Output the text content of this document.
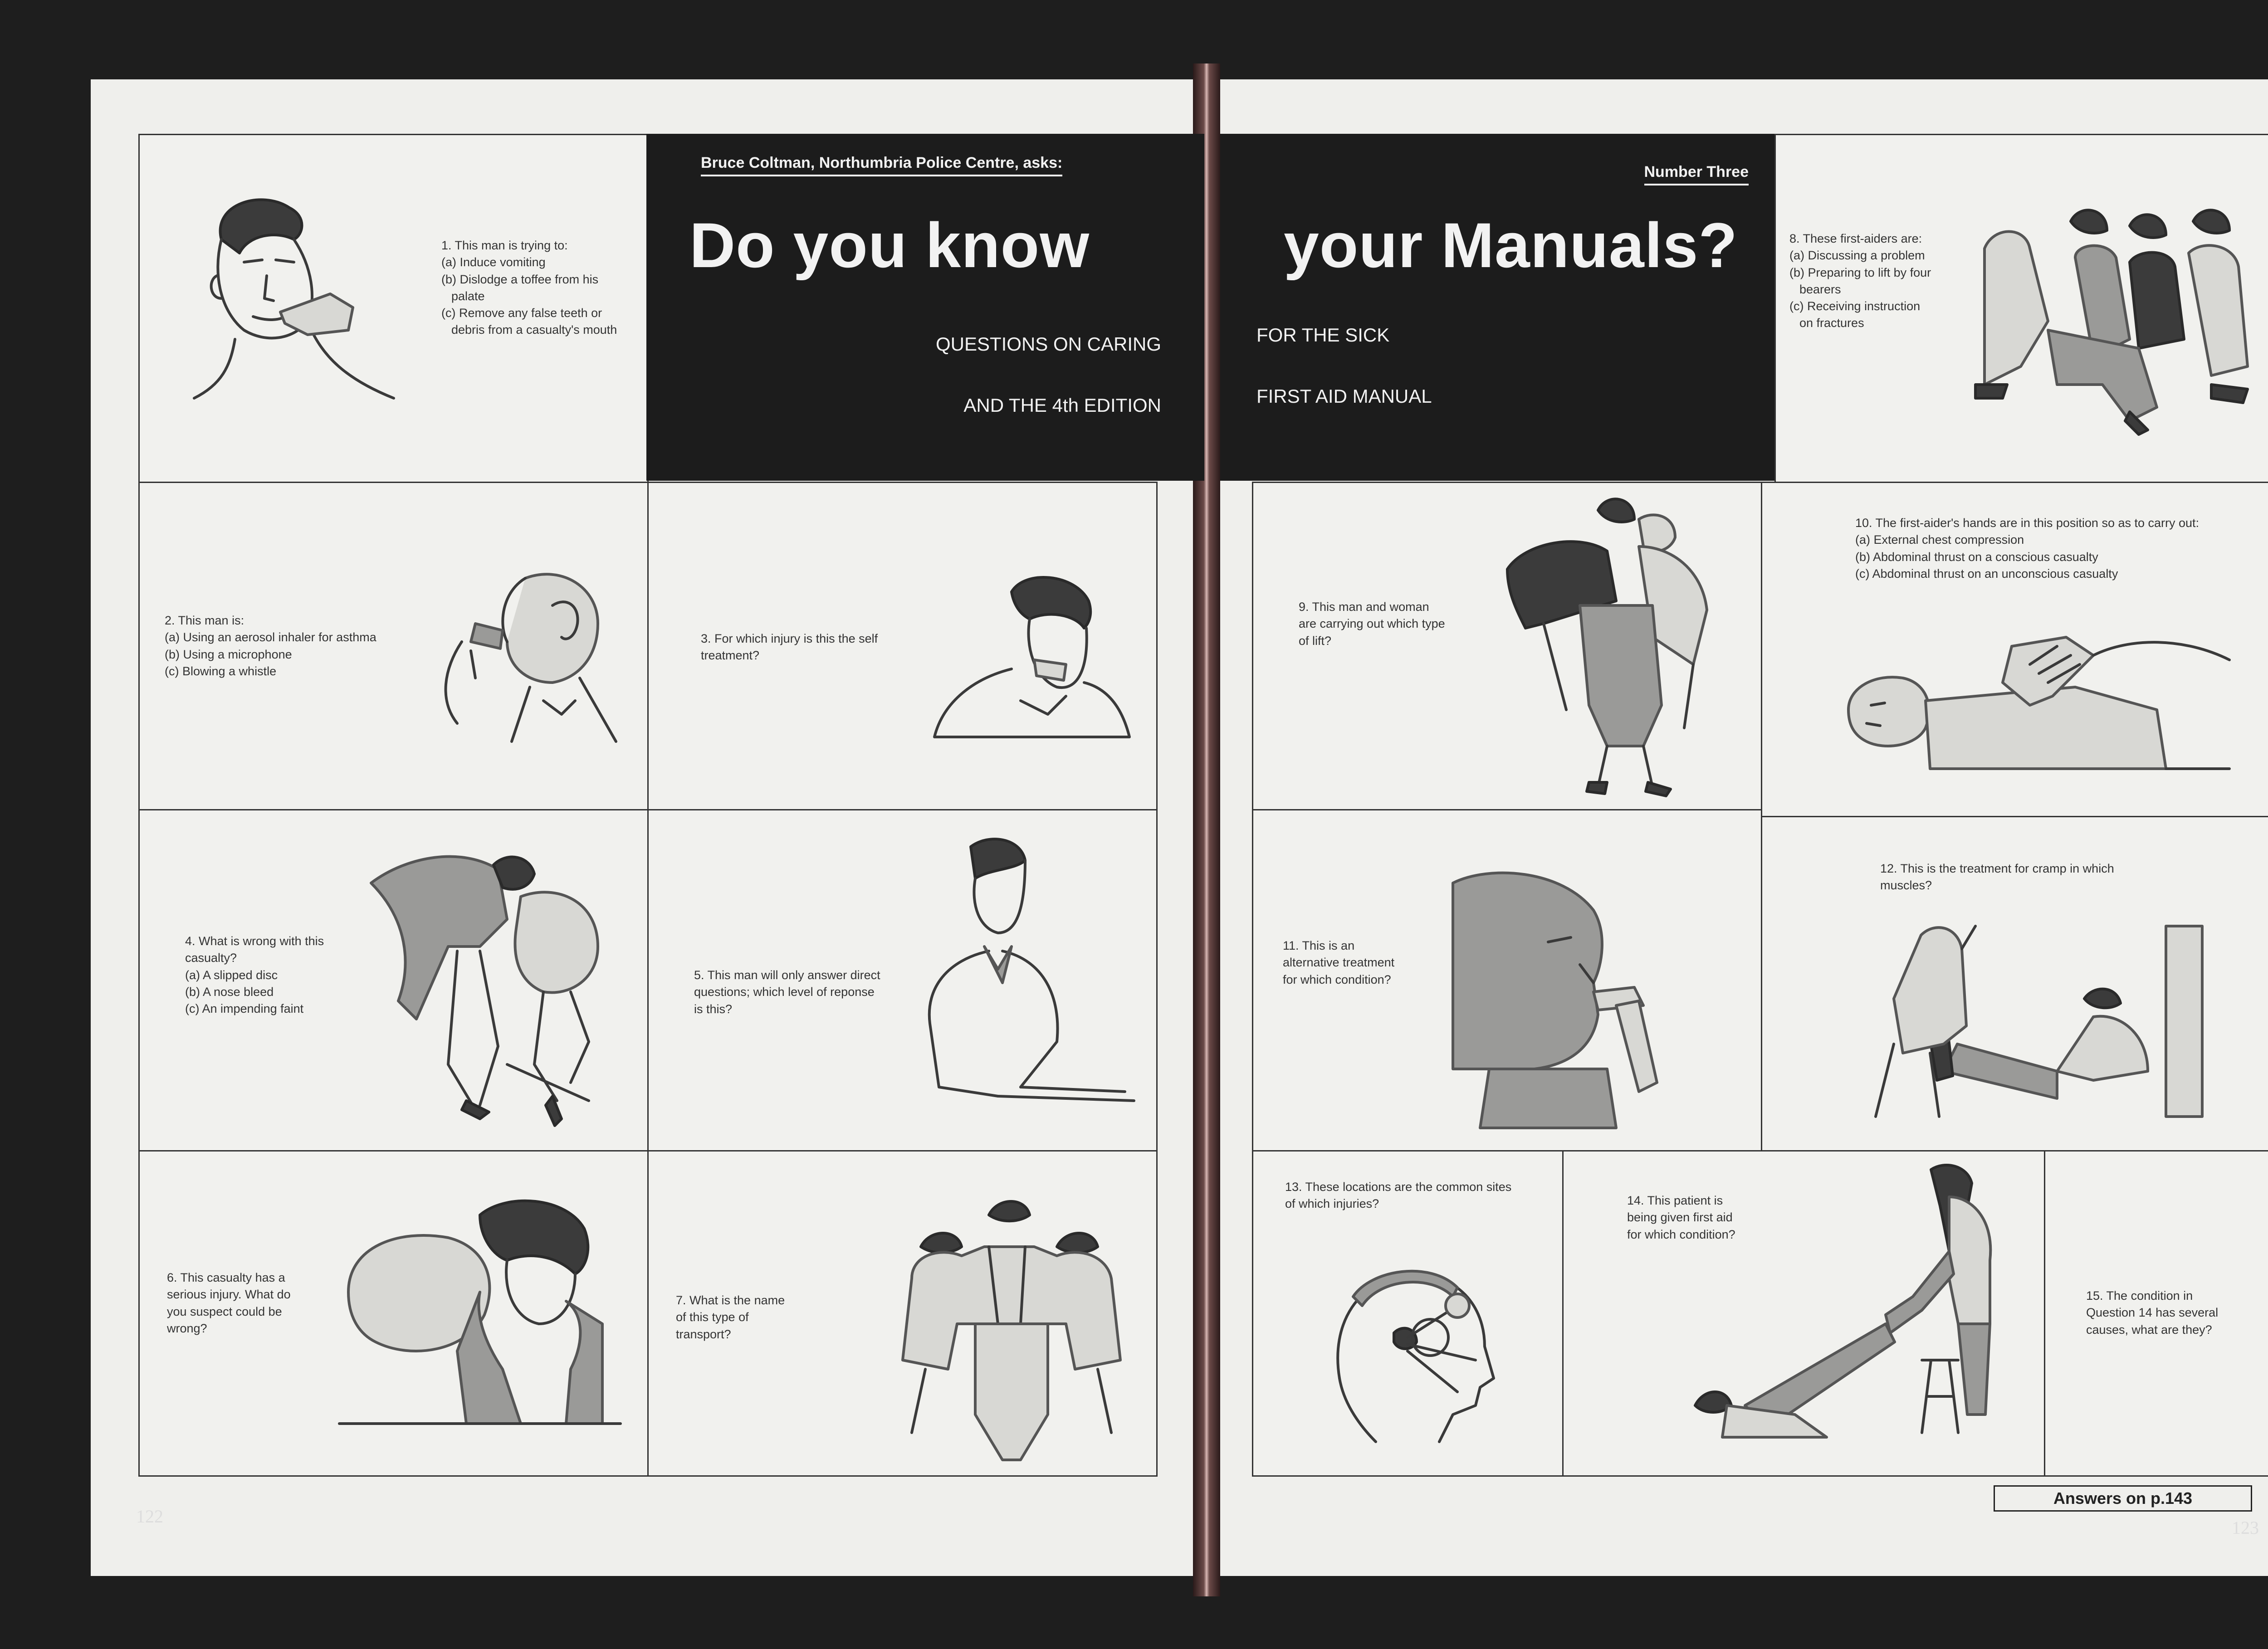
1. This man is trying to:
(a) Induce vomiting
(b) Dislodge a toffee from his palate
(c) Remove any false teeth or debris from a casualty's mouth
Bruce Coltman, Northumbria Police Centre, asks:
Do you know
QUESTIONS ON CARING
AND THE 4th EDITION
2. This man is:
(a) Using an aerosol inhaler for asthma
(b) Using a microphone
(c) Blowing a whistle
3. For which injury is this the self treatment?
4. What is wrong with this casualty?
(a) A slipped disc
(b) A nose bleed
(c) An impending faint
5. This man will only answer direct questions; which level of reponse is this?
6. This casualty has a serious injury. What do you suspect could be wrong?
7. What is the name of this type of transport?
122
Number Three
your Manuals?
FOR THE SICK
FIRST AID MANUAL
8. These first-aiders are:
(a) Discussing a problem
(b) Preparing to lift by four bearers
(c) Receiving instruction on fractures
9. This man and woman are carrying out which type of lift?
10. The first-aider's hands are in this position so as to carry out:
(a) External chest compression
(b) Abdominal thrust on a conscious casualty
(c) Abdominal thrust on an unconscious casualty
11. This is an alternative treatment for which condition?
12. This is the treatment for cramp in which muscles?
13. These locations are the common sites of which injuries?	14. This patient is being given first aid for which condition?
15. The condition in Question 14 has several causes, what are they?
Answers on p.143
123
